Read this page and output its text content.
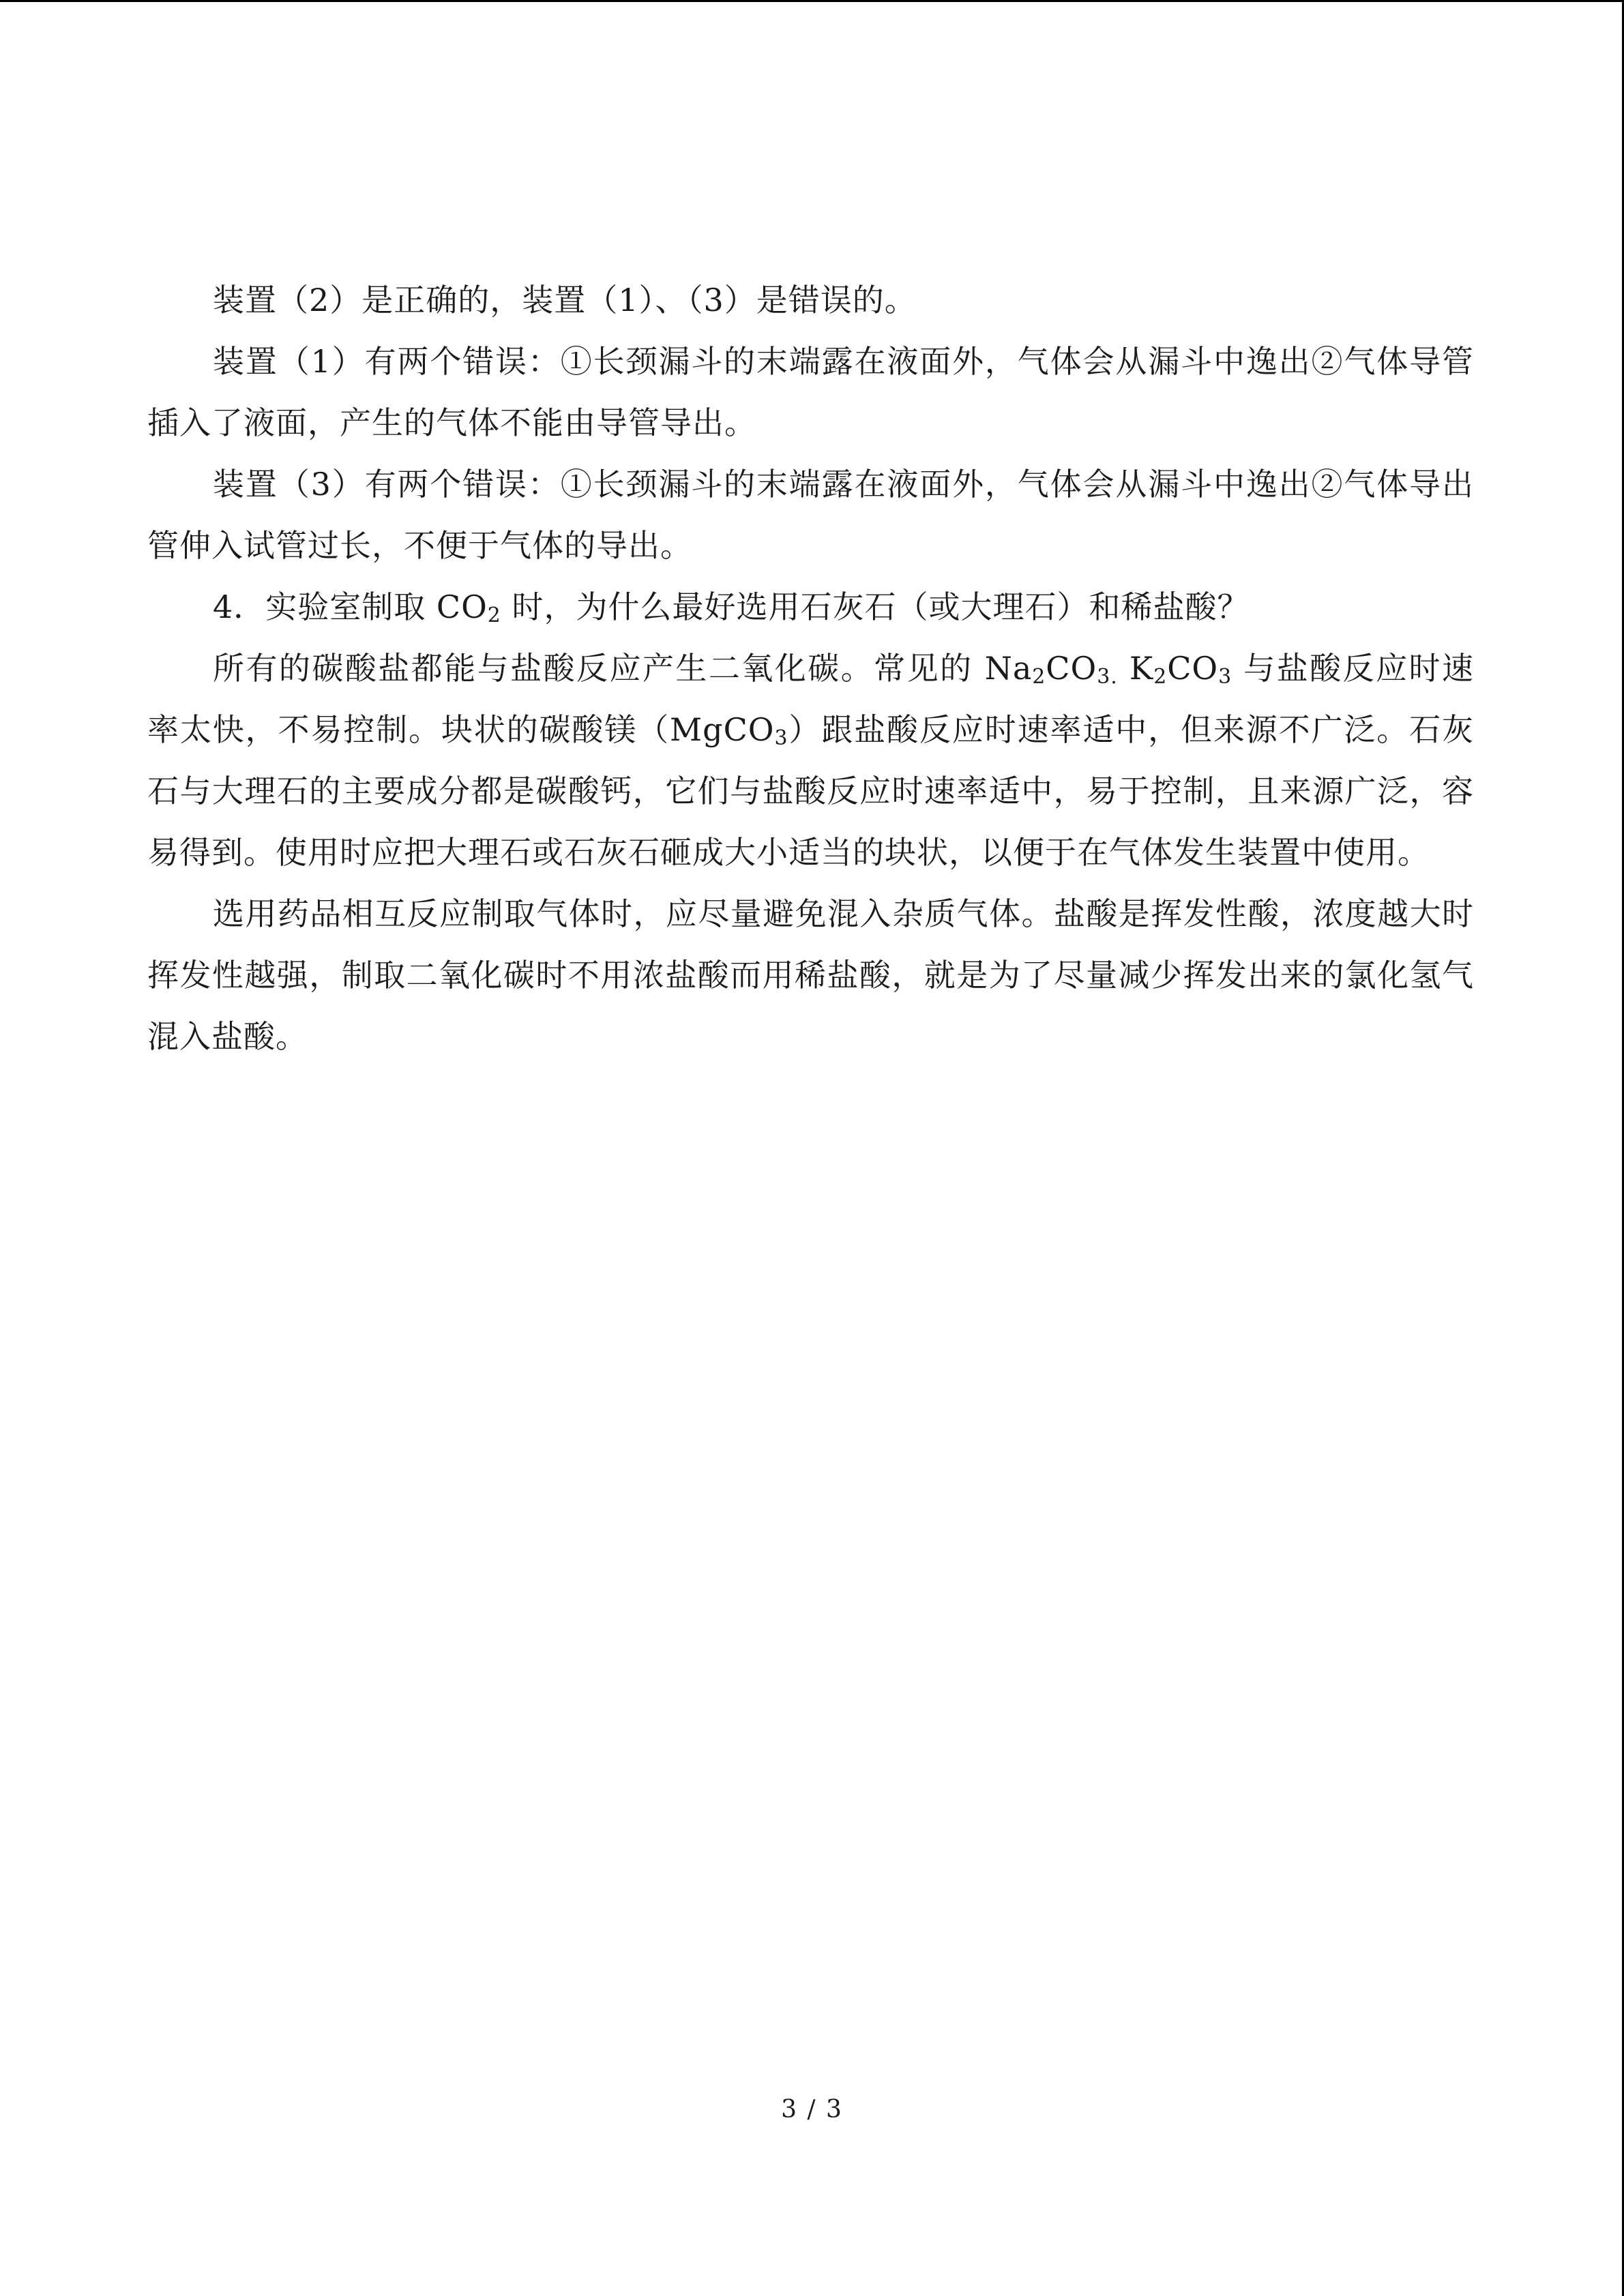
装置（2）是正确的，装置（1）、（3）是错误的。

装置（1）有两个错误：①长颈漏斗的末端露在液面外，气体会从漏斗中逸出②气体导管插入了液面，产生的气体不能由导管导出。

装置（3）有两个错误：①长颈漏斗的末端露在液面外，气体会从漏斗中逸出②气体导出管伸入试管过长，不便于气体的导出。

4．实验室制取 $CO_2$ 时，为什么最好选用石灰石（或大理石）和稀盐酸？

所有的碳酸盐都能与盐酸反应产生二氧化碳。常见的 $Na_2CO_{3.}$ $K_2CO_3$ 与盐酸反应时速率太快，不易控制。块状的碳酸镁（MgCO$_3$）跟盐酸反应时速率适中，但来源不广泛。石灰石与大理石的主要成分都是碳酸钙，它们与盐酸反应时速率适中，易于控制，且来源广泛，容易得到。使用时应把大理石或石灰石砸成大小适当的块状，以便于在气体发生装置中使用。

选用药品相互反应制取气体时，应尽量避免混入杂质气体。盐酸是挥发性酸，浓度越大时挥发性越强，制取二氧化碳时不用浓盐酸而用稀盐酸，就是为了尽量减少挥发出来的氯化氢气混入盐酸。

3 / 3
